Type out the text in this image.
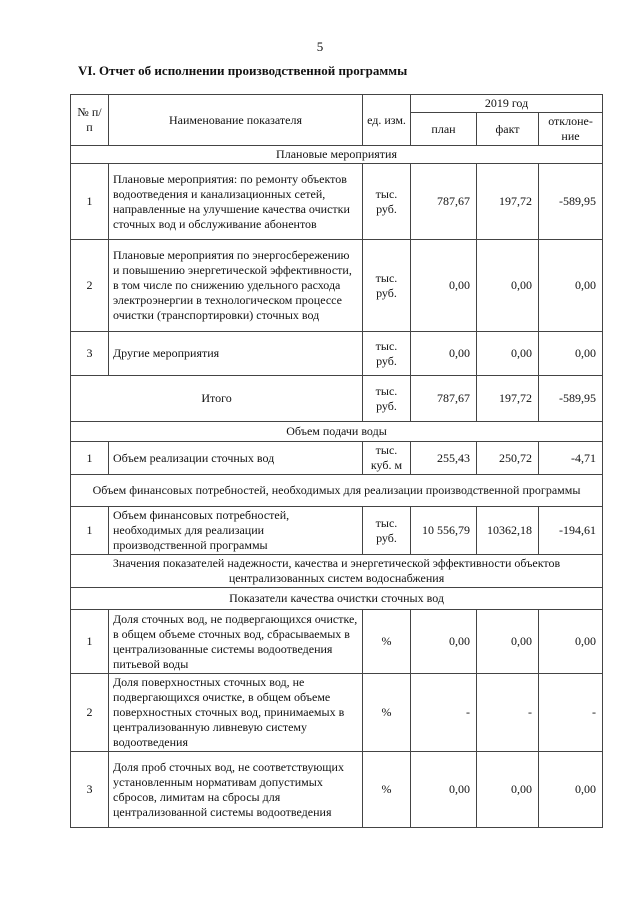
5
VI. Отчет об исполнении производственной программы
№ п/п	Наименование показателя	ед. изм.	2019 год		
			план	факт	отклоне- ние
Плановые мероприятия					
1	Плановые мероприятия: по ремонту объектов водоотведения и канализационных сетей, направленные на улучшение качества очистки сточных вод и обслуживание абонентов	тыс. руб.	787,67	197,72	-589,95
2	Плановые мероприятия по энергосбережению и повышению энергетической эффективности, в том числе по снижению удельного расхода электроэнергии в технологическом процессе очистки (транспортировки) сточных вод	тыс. руб.	0,00	0,00	0,00
3	Другие мероприятия	тыс. руб.	0,00	0,00	0,00
Итого		тыс. руб.	787,67	197,72	-589,95
Объем подачи воды					
1	Объем реализации сточных вод	тыс. куб. м	255,43	250,72	-4,71
Объем финансовых потребностей, необходимых для реализации производственной программы					
1	Объем финансовых потребностей, необходимых для реализации производственной программы	тыс. руб.	10 556,79	10362,18	-194,61
Значения показателей надежности, качества и энергетической эффективности объектов централизованных систем водоснабжения					
Показатели качества очистки сточных вод					
1	Доля сточных вод, не подвергающихся очистке, в общем объеме сточных вод, сбрасываемых в централизованные системы водоотведения питьевой воды	%	0,00	0,00	0,00
2	Доля поверхностных сточных вод, не подвергающихся очистке, в общем объеме поверхностных сточных вод, принимаемых в централизованную ливневую систему водоотведения	%	-	-	-
3	Доля проб сточных вод, не соответствующих установленным нормативам допустимых сбросов, лимитам на сбросы для централизованной системы водоотведения	%	0,00	0,00	0,00
